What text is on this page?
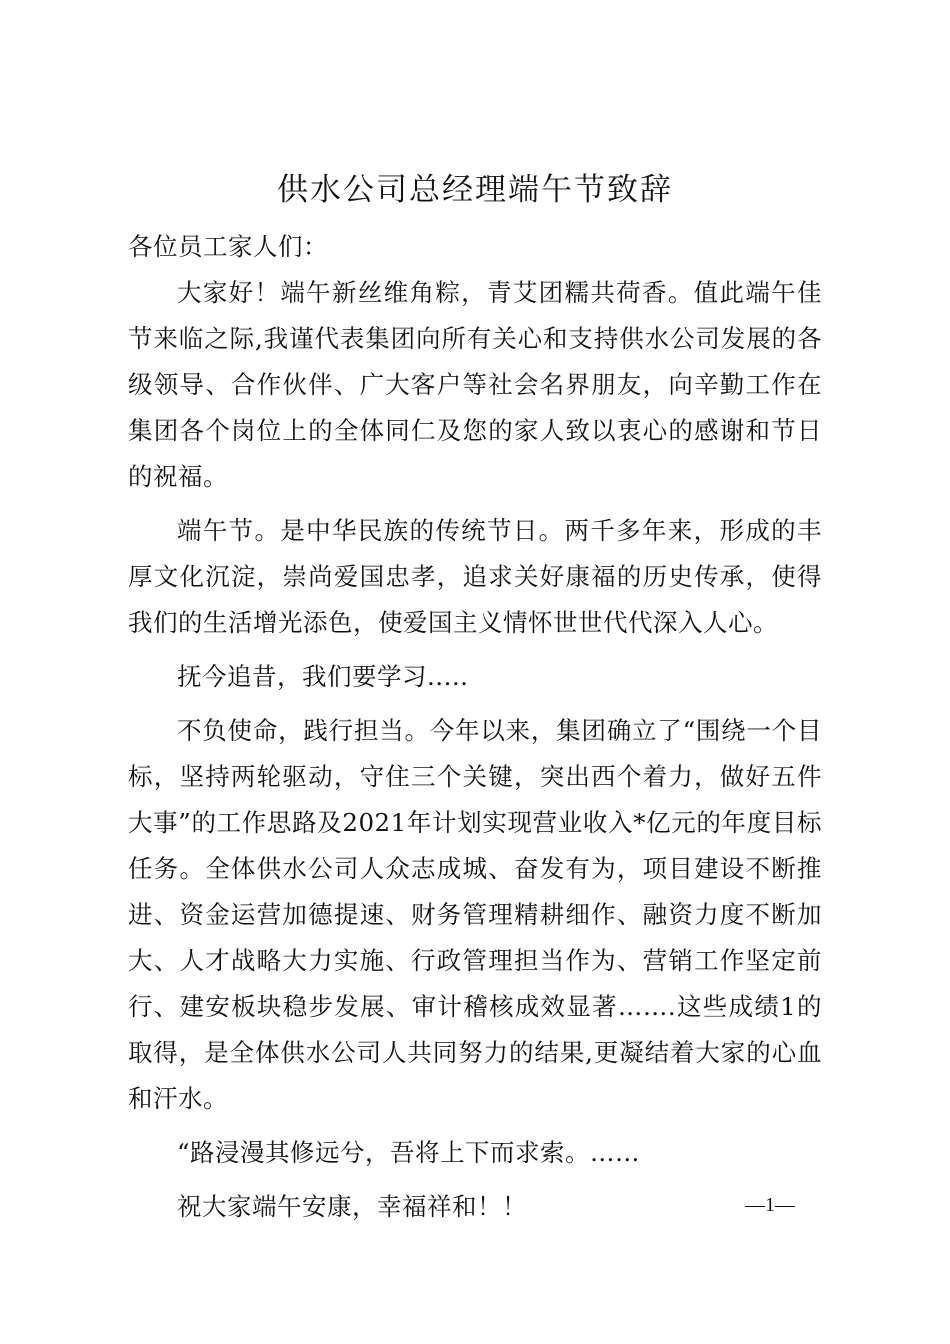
供水公司总经理端午节致辞

各位员工家人们：

大家好！端午新丝维角粽，青艾团糯共荷香。值此端午佳节来临之际,我谨代表集团向所有关心和支持供水公司发展的各级领导、合作伙伴、广大客户等社会名界朋友，向辛勤工作在集团各个岗位上的全体同仁及您的家人致以衷心的感谢和节日的祝福。

端午节。是中华民族的传统节日。两千多年来，形成的丰厚文化沉淀，崇尚爱国忠孝，追求关好康福的历史传承，使得我们的生活增光添色，使爱国主义情怀世世代代深入人心。

抚今追昔，我们要学习.....

不负使命，践行担当。今年以来，集团确立了“围绕一个目标，坚持两轮驱动，守住三个关键，突出西个着力，做好五件大事”的工作思路及2021年计划实现营业收入*亿元的年度目标任务。全体供水公司人众志成城、奋发有为，项目建设不断推进、资金运营加德提速、财务管理精耕细作、融资力度不断加大、人才战略大力实施、行政管理担当作为、营销工作坚定前行、建安板块稳步发展、审计稽核成效显著…….这些成绩1的取得，是全体供水公司人共同努力的结果,更凝结着大家的心血和汗水。

“路浸漫其修远兮，吾将上下而求索。……

祝大家端午安康，幸福祥和！！	—1—
